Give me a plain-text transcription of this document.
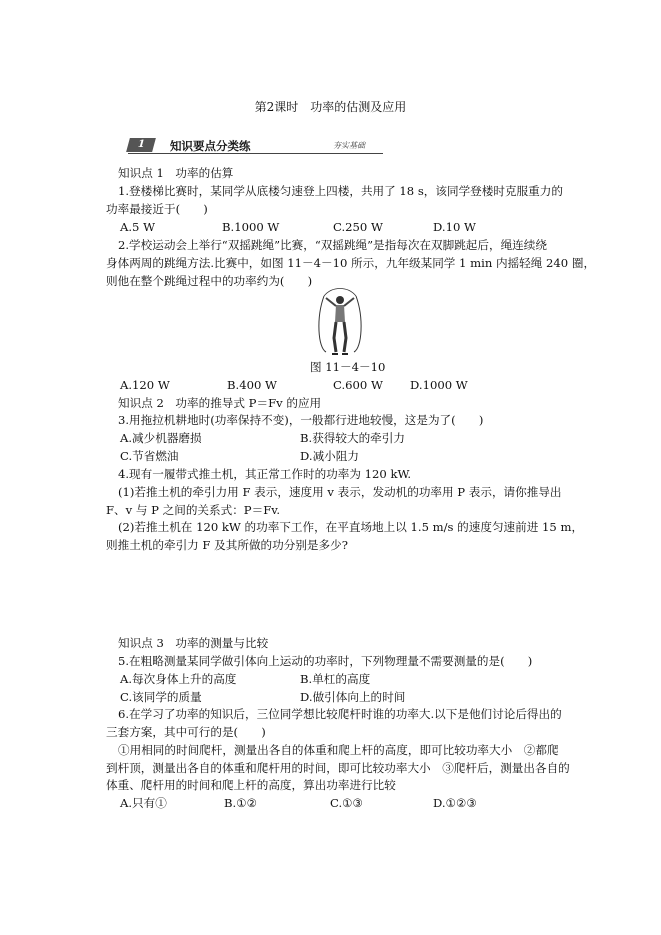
第2课时　功率的估测及应用
1	知识要点分类练	夯实基础
知识点 1　功率的估算
1.登楼梯比赛时，某同学从底楼匀速登上四楼，共用了 18 s，该同学登楼时克服重力的
功率最接近于(　　)
A.5 W	B.1000 W	C.250 W	D.10 W
2.学校运动会上举行“双摇跳绳”比赛，“双摇跳绳”是指每次在双脚跳起后，绳连续绕
身体两周的跳绳方法.比赛中，如图 11－4－10 所示，九年级某同学 1 min 内摇轻绳 240 圈，
则他在整个跳绳过程中的功率约为(　　)
图 11－4－10
A.120 W	B.400 W	C.600 W D.1000 W
知识点 2　功率的推导式 P＝Fv 的应用
3.用拖拉机耕地时(功率保持不变)，一般都行进地较慢，这是为了(　　)
A.减少机器磨损	B.获得较大的牵引力
C.节省燃油	D.减小阻力
4.现有一履带式推土机，其正常工作时的功率为 120 kW.
(1)若推土机的牵引力用 F 表示，速度用 v 表示，发动机的功率用 P 表示，请你推导出
F、v 与 P 之间的关系式：P＝Fv.
(2)若推土机在 120 kW 的功率下工作，在平直场地上以 1.5 m/s 的速度匀速前进 15 m，
则推土机的牵引力 F 及其所做的功分别是多少?
知识点 3　功率的测量与比较
5.在粗略测量某同学做引体向上运动的功率时，下列物理量不需要测量的是(　　)
A.每次身体上升的高度	B.单杠的高度
C.该同学的质量	D.做引体向上的时间
6.在学习了功率的知识后，三位同学想比较爬杆时谁的功率大.以下是他们讨论后得出的
三套方案，其中可行的是(　　)
①用相同的时间爬杆，测量出各自的体重和爬上杆的高度，即可比较功率大小　②都爬
到杆顶，测量出各自的体重和爬杆用的时间，即可比较功率大小　③爬杆后，测量出各自的
体重、爬杆用的时间和爬上杆的高度，算出功率进行比较
A.只有①	B.①②	C.①③	D.①②③
